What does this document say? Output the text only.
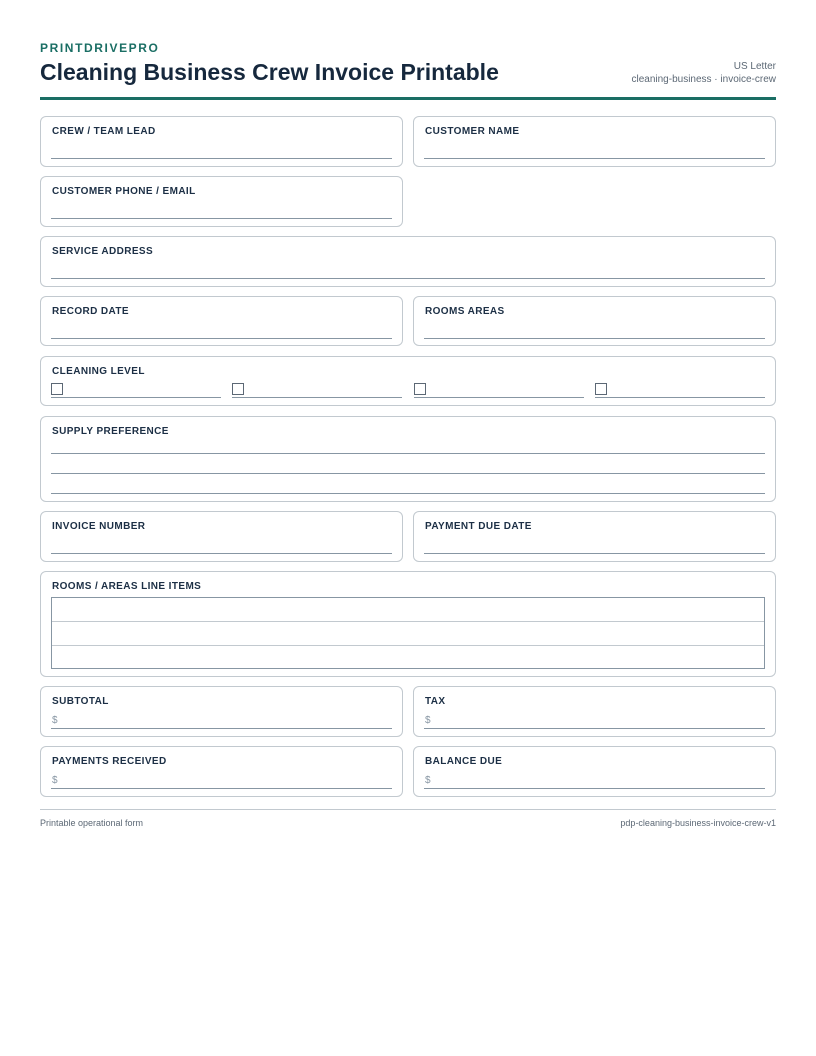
PRINTDRIVEPRO
Cleaning Business Crew Invoice Printable	US Letter
cleaning-business · invoice-crew
CREW / TEAM LEAD	CUSTOMER NAME
CUSTOMER PHONE / EMAIL
SERVICE ADDRESS
RECORD DATE	ROOMS AREAS
CLEANING LEVEL
SUPPLY PREFERENCE
INVOICE NUMBER	PAYMENT DUE DATE
ROOMS / AREAS LINE ITEMS
SUBTOTAL
$
TAX
$
PAYMENTS RECEIVED
$
BALANCE DUE
$
Printable operational form	pdp-cleaning-business-invoice-crew-v1
